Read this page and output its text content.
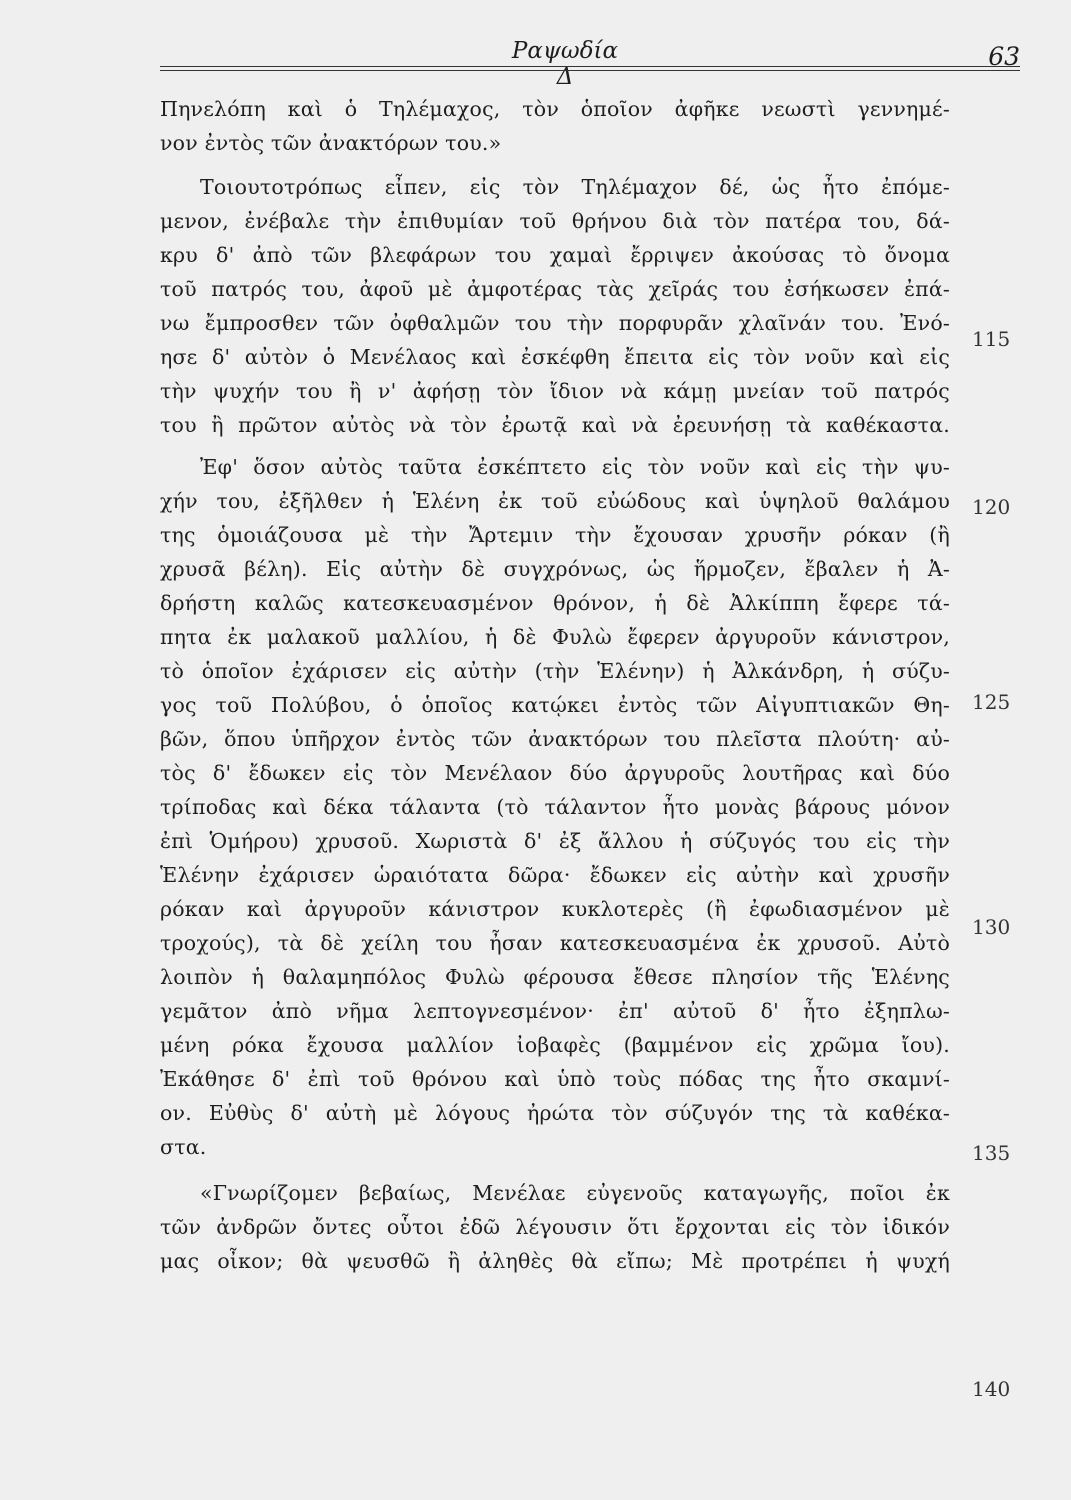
Ραψωδία Δ
63
Πηνελόπη καὶ ὁ Τηλέμαχος, τὸν ὁποῖον ἀφῆκε νεωστὶ γεννημέ-
νον ἐντὸς τῶν ἀνακτόρων του.»
Τοιουτοτρόπως εἶπεν, εἰς τὸν Τηλέμαχον δέ, ὡς ἦτο ἐπόμε-
μενον, ἐνέβαλε τὴν ἐπιθυμίαν τοῦ θρήνου διὰ τὸν πατέρα του, δά-
κρυ δ' ἀπὸ τῶν βλεφάρων του χαμαὶ ἔρριψεν ἀκούσας τὸ ὄνομα
τοῦ πατρός του, ἀφοῦ μὲ ἀμφοτέρας τὰς χεῖράς του ἐσήκωσεν ἐπά-
νω ἔμπροσθεν τῶν ὀφθαλμῶν του τὴν πορφυρᾶν χλαῖνάν του. Ἐνό-
ησε δ' αὐτὸν ὁ Μενέλαος καὶ ἐσκέφθη ἔπειτα εἰς τὸν νοῦν καὶ εἰς
τὴν ψυχήν του ἢ ν' ἀφήσῃ τὸν ἴδιον νὰ κάμῃ μνείαν τοῦ πατρός
του ἢ πρῶτον αὐτὸς νὰ τὸν ἐρωτᾷ καὶ νὰ ἐρευνήσῃ τὰ καθέκαστα.
Ἐφ' ὅσον αὐτὸς ταῦτα ἐσκέπτετο εἰς τὸν νοῦν καὶ εἰς τὴν ψυ-
χήν του, ἐξῆλθεν ἡ Ἑλένη ἐκ τοῦ εὐώδους καὶ ὑψηλοῦ θαλάμου
της ὁμοιάζουσα μὲ τὴν Ἄρτεμιν τὴν ἔχουσαν χρυσῆν ρόκαν (ἢ
χρυσᾶ βέλη). Εἰς αὐτὴν δὲ συγχρόνως, ὡς ἥρμοζεν, ἔβαλεν ἡ Ἀ-
δρήστη καλῶς κατεσκευασμένον θρόνον, ἡ δὲ Ἀλκίππη ἔφερε τά-
πητα ἐκ μαλακοῦ μαλλίου, ἡ δὲ Φυλὼ ἔφερεν ἀργυροῦν κάνιστρον,
τὸ ὁποῖον ἐχάρισεν εἰς αὐτὴν (τὴν Ἑλένην) ἡ Ἀλκάνδρη, ἡ σύζυ-
γος τοῦ Πολύβου, ὁ ὁποῖος κατῴκει ἐντὸς τῶν Αἰγυπτιακῶν Θη-
βῶν, ὅπου ὑπῆρχον ἐντὸς τῶν ἀνακτόρων του πλεῖστα πλούτη· αὐ-
τὸς δ' ἔδωκεν εἰς τὸν Μενέλαον δύο ἀργυροῦς λουτῆρας καὶ δύο
τρίποδας καὶ δέκα τάλαντα (τὸ τάλαντον ἦτο μονὰς βάρους μόνον
ἐπὶ Ὁμήρου) χρυσοῦ. Χωριστὰ δ' ἐξ ἄλλου ἡ σύζυγός του εἰς τὴν
Ἑλένην ἐχάρισεν ὡραιότατα δῶρα· ἔδωκεν εἰς αὐτὴν καὶ χρυσῆν
ρόκαν καὶ ἀργυροῦν κάνιστρον κυκλοτερὲς (ἢ ἐφωδιασμένον μὲ
τροχούς), τὰ δὲ χείλη του ἦσαν κατεσκευασμένα ἐκ χρυσοῦ. Αὐτὸ
λοιπὸν ἡ θαλαμηπόλος Φυλὼ φέρουσα ἔθεσε πλησίον τῆς Ἑλένης
γεμᾶτον ἀπὸ νῆμα λεπτογνεσμένον· ἐπ' αὐτοῦ δ' ἦτο ἐξηπλω-
μένη ρόκα ἔχουσα μαλλίον ἰοβαφὲς (βαμμένον εἰς χρῶμα ἴου).
Ἐκάθησε δ' ἐπὶ τοῦ θρόνου καὶ ὑπὸ τοὺς πόδας της ἦτο σκαμνί-
ον. Εὐθὺς δ' αὐτὴ μὲ λόγους ἠρώτα τὸν σύζυγόν της τὰ καθέκα-
στα.
«Γνωρίζομεν βεβαίως, Μενέλαε εὐγενοῦς καταγωγῆς, ποῖοι ἐκ
τῶν ἀνδρῶν ὄντες οὗτοι ἐδῶ λέγουσιν ὅτι ἔρχονται εἰς τὸν ἰδικόν
μας οἶκον; θὰ ψευσθῶ ἢ ἀληθὲς θὰ εἴπω; Μὲ προτρέπει ἡ ψυχή
115
120
125
130
135
140
